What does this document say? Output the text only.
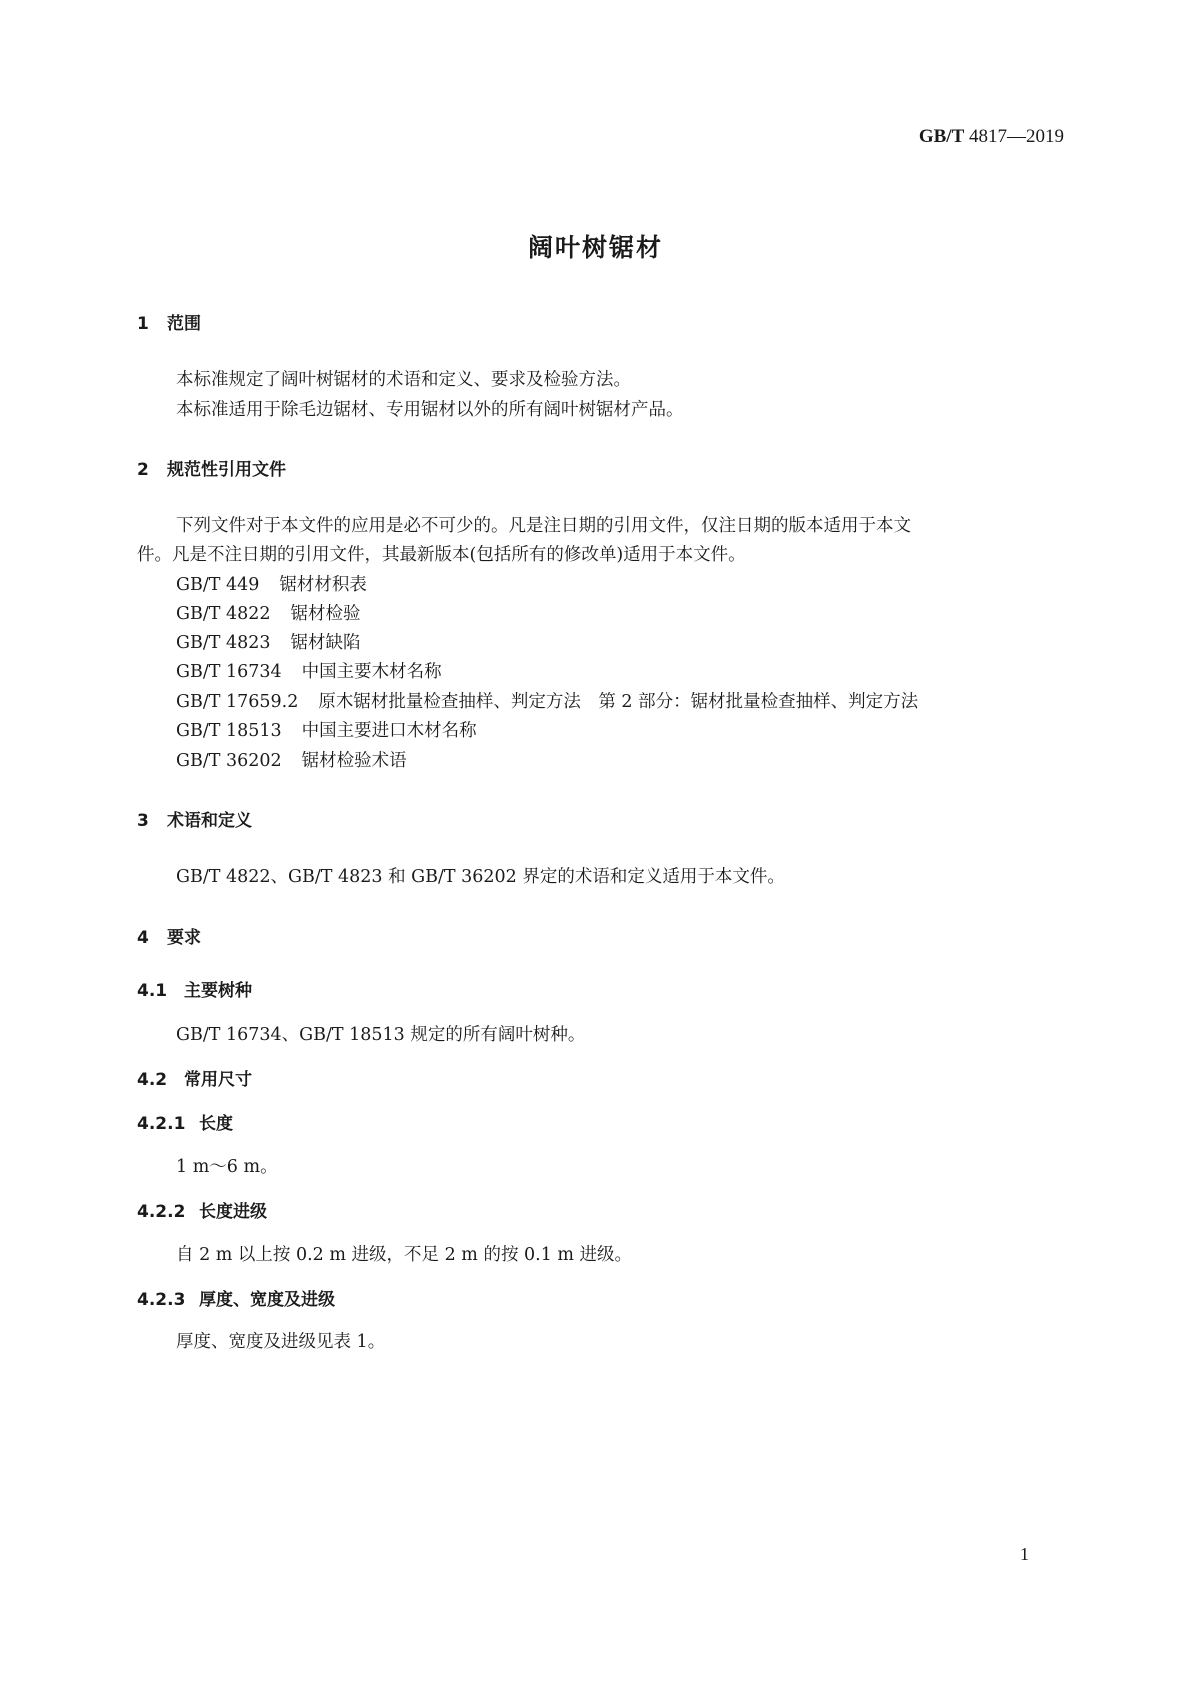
GB/T 4817—2019
阔叶树锯材
1 范围
本标准规定了阔叶树锯材的术语和定义、要求及检验方法。
本标准适用于除毛边锯材、专用锯材以外的所有阔叶树锯材产品。
2 规范性引用文件
下列文件对于本文件的应用是必不可少的。凡是注日期的引用文件，仅注日期的版本适用于本文
件。凡是不注日期的引用文件，其最新版本(包括所有的修改单)适用于本文件。
GB/T 449 锯材材积表
GB/T 4822 锯材检验
GB/T 4823 锯材缺陷
GB/T 16734 中国主要木材名称
GB/T 17659.2 原木锯材批量检查抽样、判定方法　第 2 部分：锯材批量检查抽样、判定方法
GB/T 18513 中国主要进口木材名称
GB/T 36202 锯材检验术语
3 术语和定义
GB/T 4822、GB/T 4823 和 GB/T 36202 界定的术语和定义适用于本文件。
4 要求
4.1 主要树种
GB/T 16734、GB/T 18513 规定的所有阔叶树种。
4.2 常用尺寸
4.2.1 长度
1 m～6 m。
4.2.2 长度进级
自 2 m 以上按 0.2 m 进级，不足 2 m 的按 0.1 m 进级。
4.2.3 厚度、宽度及进级
厚度、宽度及进级见表 1。
1
